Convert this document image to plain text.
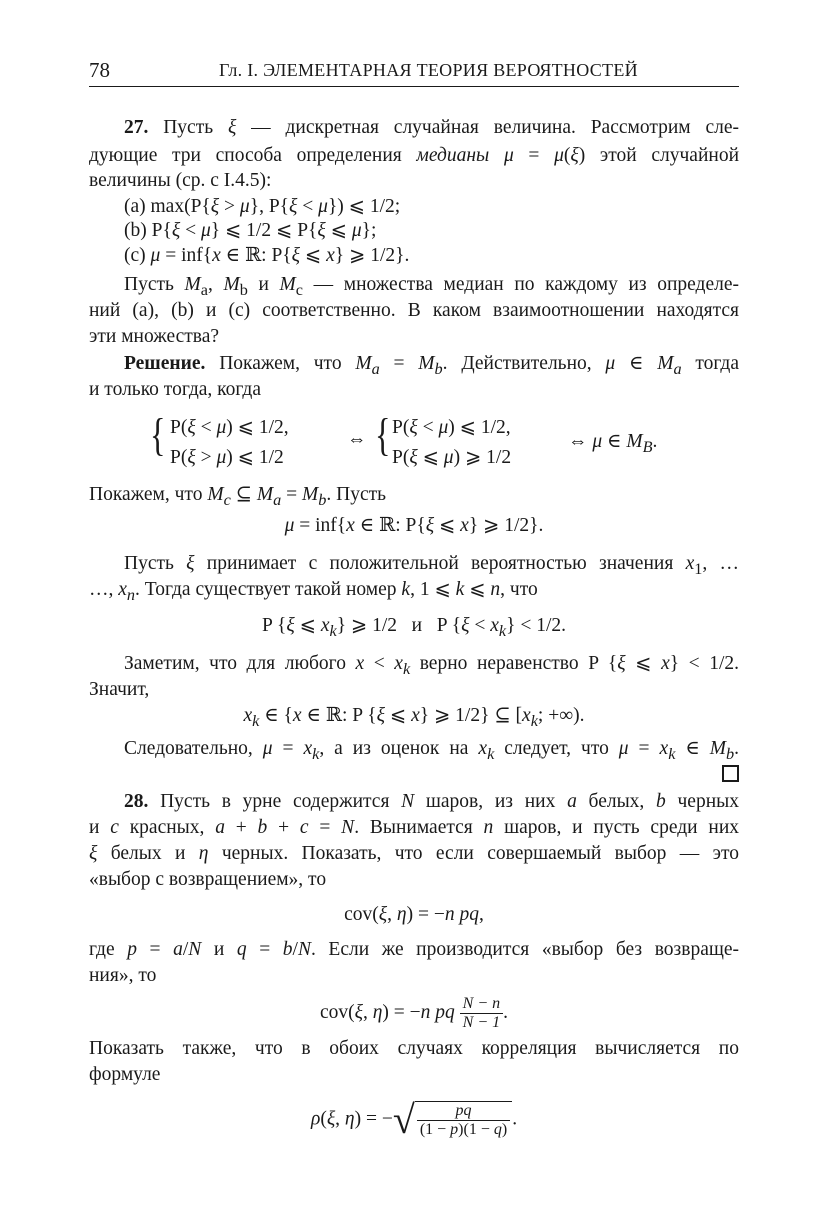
78	Гл. I. ЭЛЕМЕНТАРНАЯ ТЕОРИЯ ВЕРОЯТНОСТЕЙ
27. Пусть ξ — дискретная случайная величина. Рассмотрим сле-
дующие три способа определения медианы μ = μ(ξ) этой случайной
величины (ср. с I.4.5):
(a) max(P{ξ > μ}, P{ξ < μ}) ⩽ 1/2;
(b) P{ξ < μ} ⩽ 1/2 ⩽ P{ξ ⩽ μ};
(c) μ = inf{x ∈ ℝ: P{ξ ⩽ x} ⩾ 1/2}.
Пусть $M_a$, $M_b$ и $M_c$ — множества медиан по каждому из определе-
ний (a), (b) и (c) соответственно. В каком взаимоотношении находятся
эти множества?
Решение. Покажем, что $M_a = M_b$. Действительно, μ ∈ $M_a$ тогда
и только тогда, когда
Покажем, что $M_c$ ⊆ $M_a = M_b$. Пусть
μ = inf{x ∈ ℝ: P{ξ ⩽ x} ⩾ 1/2}.
Пусть ξ принимает с положительной вероятностью значения $x_1$, …
…, $x_n$. Тогда существует такой номер k, 1 ⩽ k ⩽ n, что
P {ξ ⩽ $x_k$} ⩾ 1/2   и   P $\{\xi < x_k\} < 1/2$.
Заметим, что для любого $x < x_k$ верно неравенство P {ξ ⩽ x} < 1/2.
Значит,
$x_k$ ∈ {x ∈ ℝ: P {ξ ⩽ x} ⩾ 1/2} ⊆ [$x_k$; +∞).
Следовательно, $\mu = x_k$, а из оценок на $x_k$ следует, что $\mu = x_k$ ∈ $M_b$.
28. Пусть в урне содержится N шаров, из них a белых, b черных
и c красных, a + b + c = N. Вынимается n шаров, и пусть среди них
ξ белых и η черных. Показать, что если совершаемый выбор — это
«выбор с возвращением», то
cov(ξ, η) = −n pq,
где p = a/N и q = b/N. Если же производится «выбор без возвраще-
ния», то
cov(ξ, η) = −n pq $\frac{N - n}{N - 1}$ .
Показать также, что в обоих случаях корреляция вычисляется по
формуле
ρ(ξ, η) = −√ $\frac{pq}{(1 - p)(1 - q)}$ .
{ P(ξ < μ) ⩽ 1/2,
P(ξ > μ) ⩽ 1/2
⇔ { P(ξ < μ) ⩽ 1/2,
P(ξ ⩽ μ) ⩾ 1/2
⇔ μ ∈ $M_B$.
